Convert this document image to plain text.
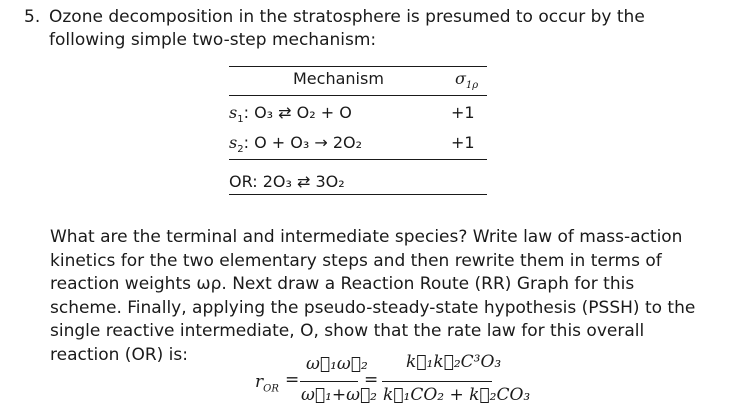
5. Ozone decomposition in the stratosphere is presumed to occur by the following simple two-step mechanism:
Mechanism	$\sigma_{1\rho}$
$s_1$: O₃ ⇄ O₂ + O	+1
$s_2$: O + O₃ → 2O₂	+1
OR: 2O₃ ⇄ 3O₂
What are the terminal and intermediate species? Write law of mass-action kinetics for the two elementary steps and then rewrite them in terms of reaction weights ωρ. Next draw a Reaction Route (RR) Graph for this scheme. Finally, applying the pseudo-steady-state hypothesis (PSSH) to the single reactive intermediate, O, show that the rate law for this overall reaction (OR) is:
$r_{OR}$ =
ω⃗₁ω⃗₂
ω⃖₁+ω⃗₂
=
k⃗₁k⃗₂C³O₃
k⃖₁CO₂ + k⃗₂CO₃
